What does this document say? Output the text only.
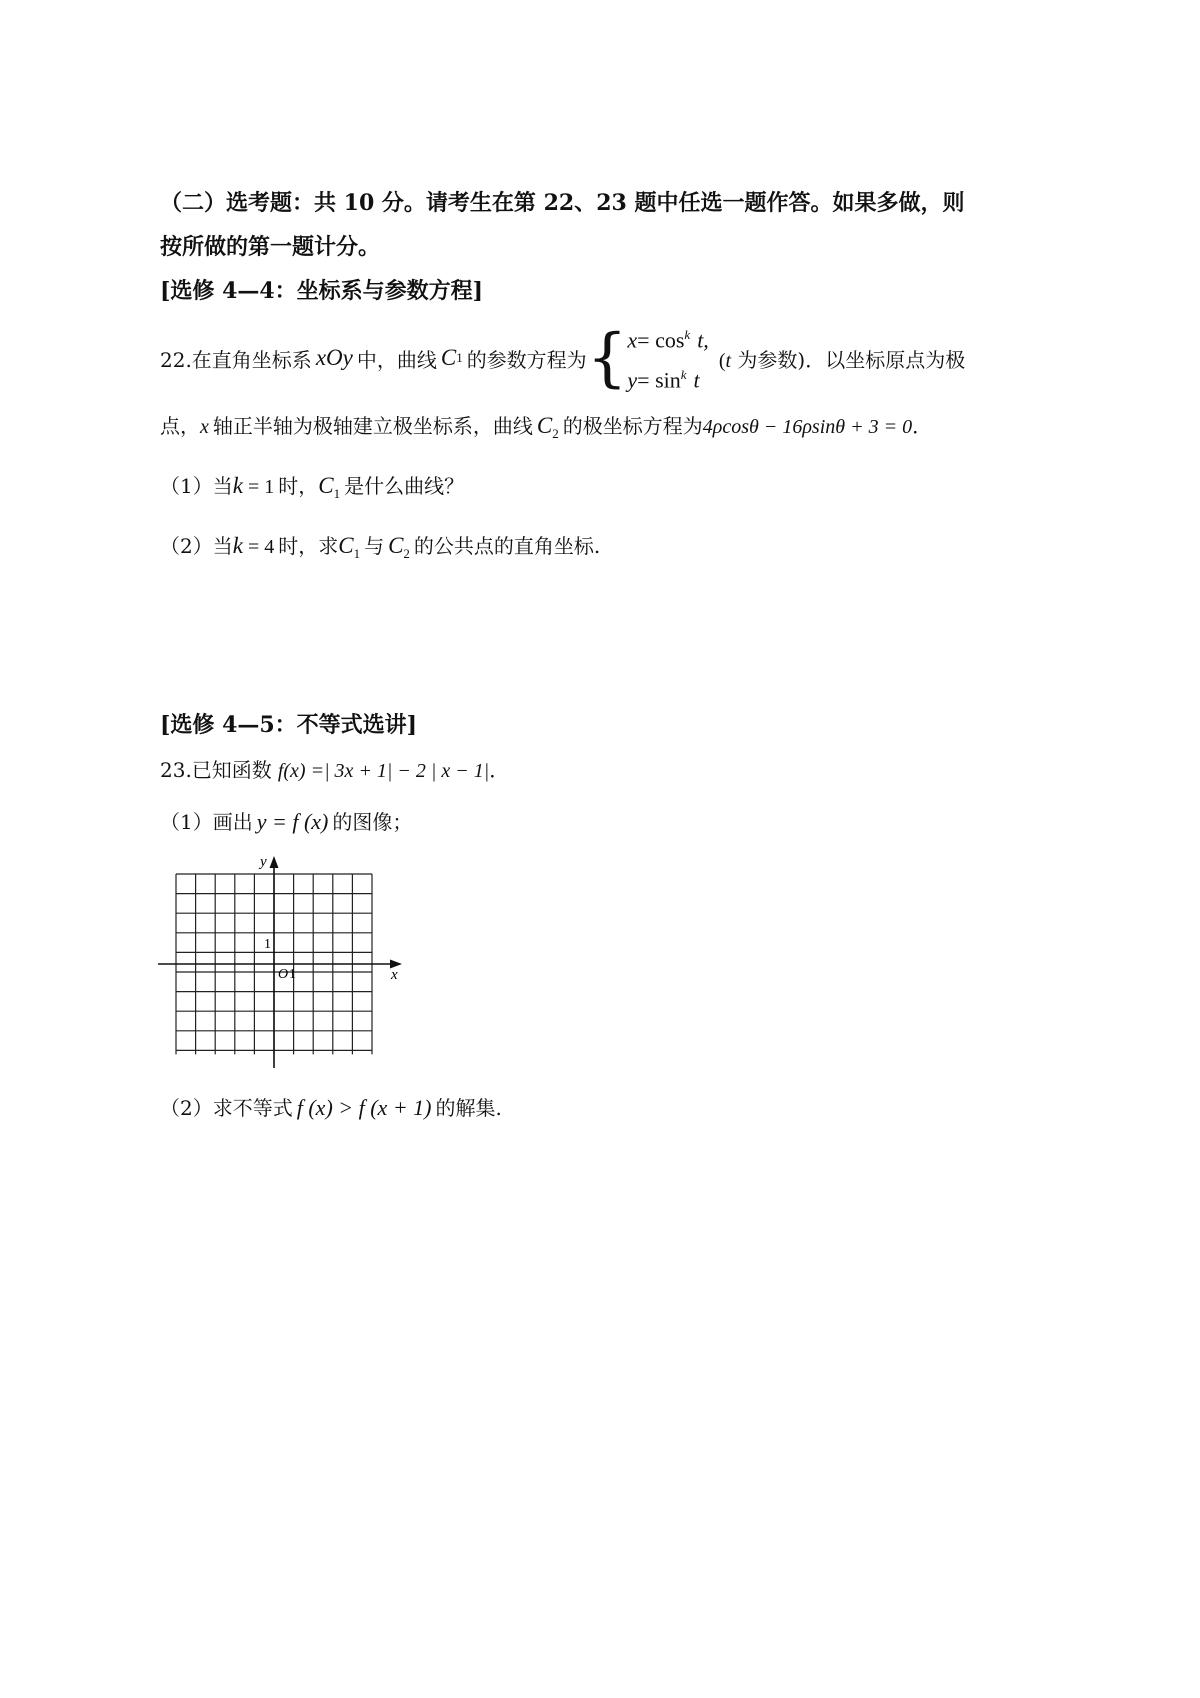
（二）选考题：共 10 分。请考生在第 22、23 题中任选一题作答。如果多做，则
按所做的第一题计分。
[选修 4—4：坐标系与参数方程]
22.在直角坐标系 xOy 中，曲线 C 1 的参数方程为 { $x= \cos^k t$,
$y= \sin^k t$
(t 为参数)．以坐标原点为极
点，x 轴正半轴为极轴建立极坐标系，曲线 $C_2$ 的极坐标方程为4ρcosθ − 16ρsinθ + 3 = 0．
（1）当k = 1 时，$C_1$ 是什么曲线？
（2）当k = 4 时，求$C_1$ 与 $C_2$ 的公共点的直角坐标.
[选修 4—5：不等式选讲]
23.已知函数 f(x) =| 3x + 1| − 2 | x − 1|．
（1）画出 y = f (x) 的图像；
y
x
O 1
1
（2）求不等式 f (x) > f (x + 1) 的解集.
